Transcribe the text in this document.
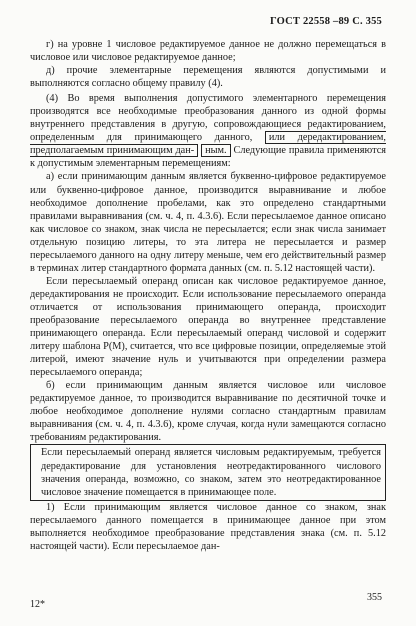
ГОСТ 22558 –89 С. 355

г) на уровне 1 числовое редактируемое данное не должно перемещаться в числовое или числовое редактируемое данное;

д) прочие элементарные перемещения являются допустимыми и выполняются согласно общему правилу (4).

(4) Во время выполнения допустимого элементарного перемещения производятся все необходимые преобразования данного из одной формы внутреннего представления в другую, сопровождающиеся редактированием, определенным для принимающего данного, или дередактированием, предполагаемым принимающим дан- ным. Следующие правила применяются к допустимым элементарным перемещениям:

а) если принимающим данным является буквенно-цифровое редактируемое или буквенно-цифровое данное, производится выравнивание и любое необходимое дополнение пробелами, как это определено стандартными правилами выравнивания (см. ч. 4, п. 4.3.6). Если пересылаемое данное описано как числовое со знаком, знак числа не пересылается; если знак числа занимает отдельную позицию литеры, то эта литера не пересылается и размер пересылаемого данного на одну литеру меньше, чем его действительный размер в терминах литер стандартного формата данных (см. п. 5.12 настоящей части).

Если пересылаемый операнд описан как числовое редактируемое данное, дередактирования не происходит. Если использование пересылаемого операнда отличается от использования принимающего операнда, происходит преобразование пересылаемого операнда во внутреннее представление принимающего операнда. Если пересылаемый операнд числовой и содержит литеру шаблона P(M), считается, что все цифровые позиции, определяемые этой литерой, имеют значение нуль и учитываются при определении размера пересылаемого операнда;

б) если принимающим данным является числовое или числовое редактируемое данное, то производится выравнивание по десятичной точке и любое необходимое дополнение нулями согласно стандартным правилам выравнивания (см. ч. 4, п. 4.3.6), кроме случая, когда нули замещаются согласно требованиям редактирования.

Если пересылаемый операнд является числовым редактируемым, требуется дередактирование для установления неотредактированного числового значения операнда, возможно, со знаком, затем это неотредактированное числовое значение помещается в принимающее поле.

1) Если принимающим является числовое данное со знаком, знак пересылаемого данного помещается в принимающее данное при этом выполняется необходимое преобразование представления знака (см. п. 5.12 настоящей части). Если пересылаемое дан-

12*
355
